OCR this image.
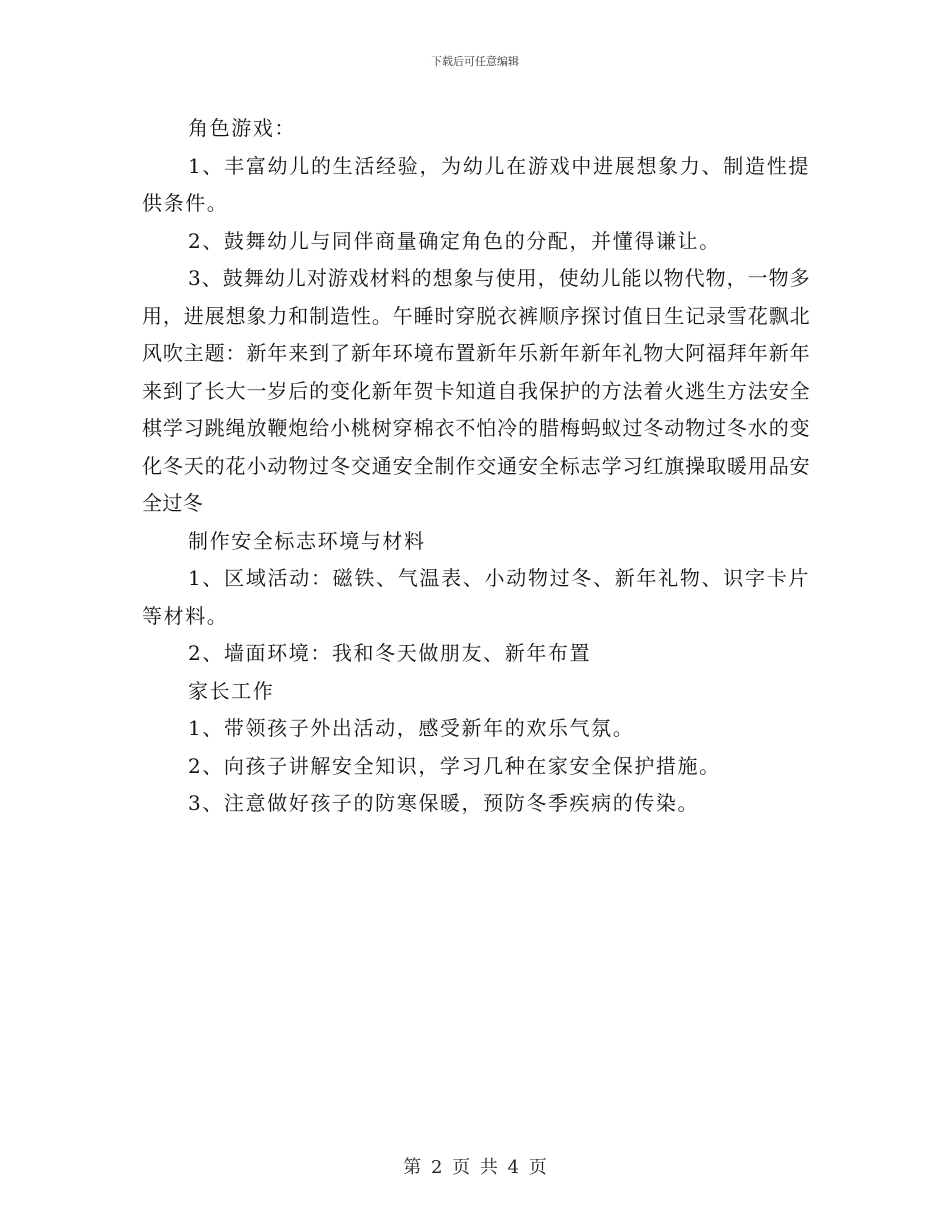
下载后可任意编辑

角色游戏：

1、丰富幼儿的生活经验，为幼儿在游戏中进展想象力、制造性提供条件。

2、鼓舞幼儿与同伴商量确定角色的分配，并懂得谦让。

3、鼓舞幼儿对游戏材料的想象与使用，使幼儿能以物代物，一物多用，进展想象力和制造性。午睡时穿脱衣裤顺序探讨值日生记录雪花飘北风吹主题：新年来到了新年环境布置新年乐新年新年礼物大阿福拜年新年来到了长大一岁后的变化新年贺卡知道自我保护的方法着火逃生方法安全棋学习跳绳放鞭炮给小桃树穿棉衣不怕冷的腊梅蚂蚁过冬动物过冬水的变化冬天的花小动物过冬交通安全制作交通安全标志学习红旗操取暖用品安全过冬

制作安全标志环境与材料

1、区域活动：磁铁、气温表、小动物过冬、新年礼物、识字卡片等材料。

2、墙面环境：我和冬天做朋友、新年布置

家长工作

1、带领孩子外出活动，感受新年的欢乐气氛。

2、向孩子讲解安全知识，学习几种在家安全保护措施。

3、注意做好孩子的防寒保暖，预防冬季疾病的传染。

第 2 页 共 4 页
